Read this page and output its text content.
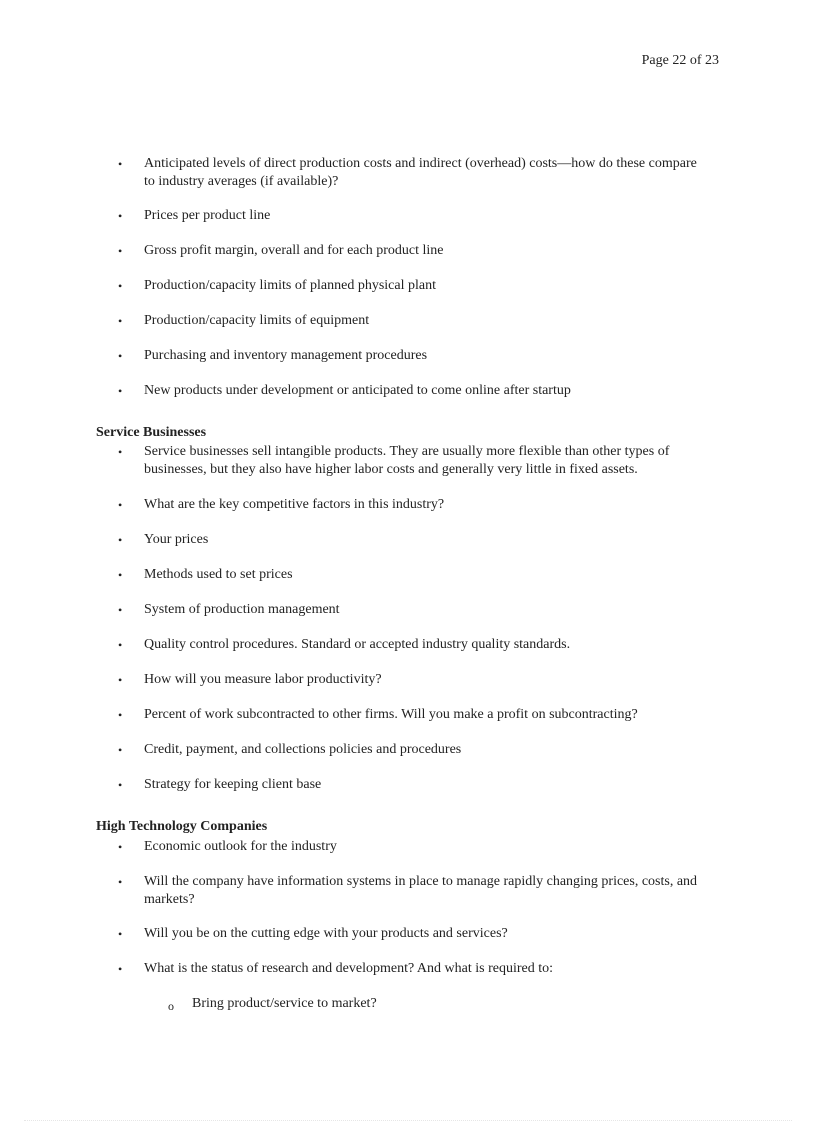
Page 22 of 23
• Anticipated levels of direct production costs and indirect (overhead) costs—how do these compare to industry averages (if available)?
• Prices per product line
• Gross profit margin, overall and for each product line
• Production/capacity limits of planned physical plant
• Production/capacity limits of equipment
• Purchasing and inventory management procedures
• New products under development or anticipated to come online after startup
Service Businesses
• Service businesses sell intangible products. They are usually more flexible than other types of businesses, but they also have higher labor costs and generally very little in fixed assets.
• What are the key competitive factors in this industry?
• Your prices
• Methods used to set prices
• System of production management
• Quality control procedures. Standard or accepted industry quality standards.
• How will you measure labor productivity?
• Percent of work subcontracted to other firms. Will you make a profit on subcontracting?
• Credit, payment, and collections policies and procedures
• Strategy for keeping client base
High Technology Companies
• Economic outlook for the industry
• Will the company have information systems in place to manage rapidly changing prices, costs, and markets?
• Will you be on the cutting edge with your products and services?
• What is the status of research and development? And what is required to:
o Bring product/service to market?
